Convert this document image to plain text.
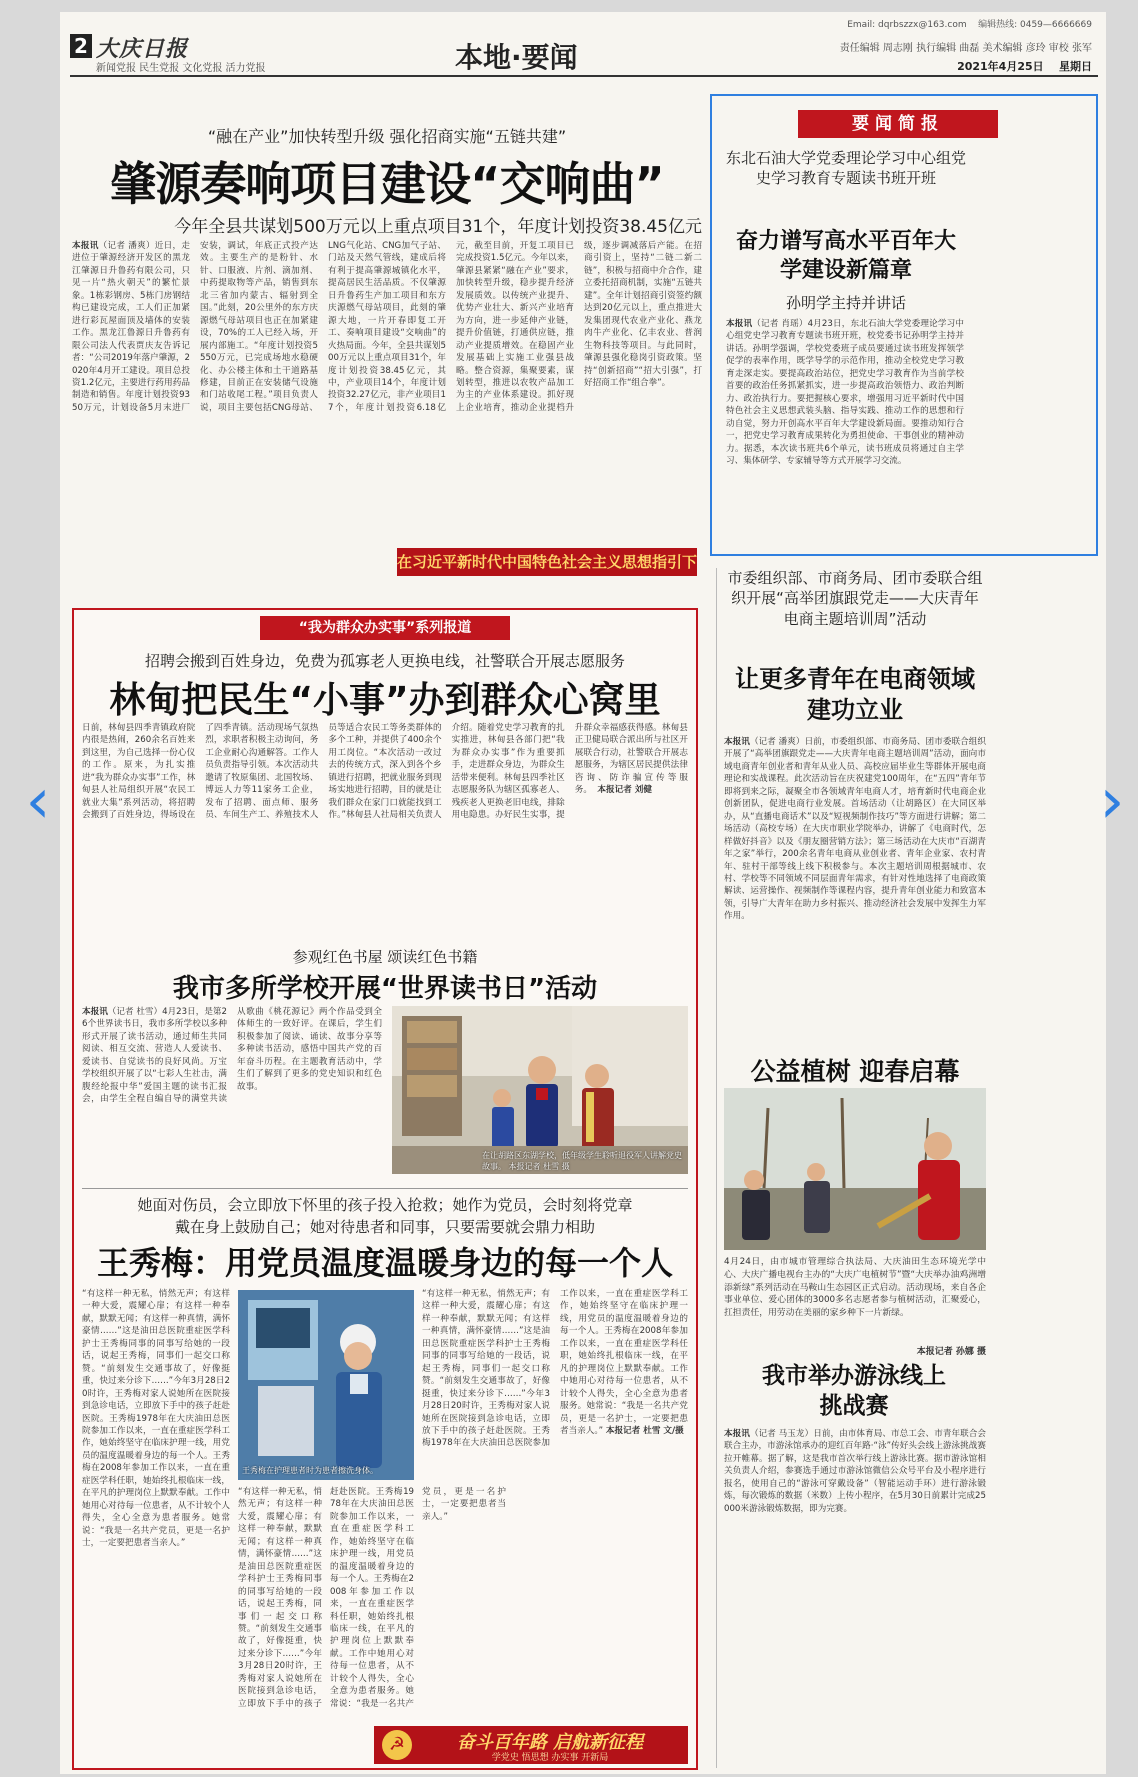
2 大庆日报
新闻党报 民生党报 文化党报 活力党报	本地·要闻
Email: dqrbszzx@163.com 编辑热线: 0459—6666669
责任编辑 周志刚 执行编辑 曲磊 美术编辑 彦玲 审校 张军
2021年4月25日 星期日
“融在产业”加快转型升级 强化招商实施“五链共建”
肇源奏响项目建设“交响曲”
今年全县共谋划500万元以上重点项目31个，年度计划投资38.45亿元
本报讯（记者 潘爽）近日，走进位于肇源经济开发区的黑龙江肇源日升鲁药有限公司，只见一片“热火朝天”的繁忙景象。1栋彩钢房、5栋门房钢结构已建设完成，工人们正加紧进行彩瓦屋面顶及墙体的安装工作。黑龙江鲁源日升鲁药有限公司法人代表贾庆友告诉记者：“公司2019年落户肇源，2020年4月开工建设。项目总投资1.2亿元，主要进行药用药品制造和销售。年度计划投资9350万元，计划设备5月末进厂安装，调试，年底正式投产达效。主要生产的是粉针、水针、口服液、片剂、滴加剂、中药提取物等产品，销售到东北三省加内蒙古、辐射到全国。”此刻，20公里外的东方庆源燃气母站项目也正在加紧建设，70%的工人已经入场，开展内部施工。“年度计划投资5550万元，已完成场地水稳硬化、办公楼主体和土干道路基修建，目前正在安装储气设施和门站收尾工程。”项目负责人说，项目主要包括CNG母站、LNG气化站、CNG加气子站、门站及天然气管线，建成后将有利于提高肇源城镇化水平，提高居民生活品质。不仅肇源日升鲁药生产加工项目和东方庆源燃气母站项目，此刻的肇源大地，一片开春即复工开工、奏响项目建设“交响曲”的火热局面。今年，全县共谋划500万元以上重点项目31个，年度计划投资38.45亿元，其中，产业项目14个，年度计划投资32.27亿元，非产业项目17个，年度计划投资6.18亿元，截至目前，开复工项目已完成投资1.5亿元。今年以来，肇源县紧紧“融在产业”要求，加快转型升级，稳步提升经济发展质效。以传统产业提升、优势产业壮大、新兴产业培育为方向，进一步延伸产业链，提升价值链，打通供应链，推动产业提质增效。在稳固产业发展基础上实施工业强县战略。整合资源，集聚要素，谋划转型，推进以农牧产品加工为主的产业体系建设。抓好现上企业培育，推动企业提档升级，逐步调减落后产能。在招商引资上，坚持“二链二新二链”，积极与招商中介合作，建立委托招商机制，实施“五链共建”。全年计划招商引资签约额达到20亿元以上，重点推进大发集团现代农业产业化、燕龙肉牛产业化、亿丰农业、普润生物科技等项目。与此同时，肇源县强化稳岗引资政策。坚持“创新招商”“招大引强”，打好招商工作“组合拳”。
在习近平新时代中国特色社会主义思想指引下
要闻简报
东北石油大学党委理论学习中心组党史学习教育专题读书班开班
奋力谱写高水平百年大学建设新篇章
孙明学主持并讲话
本报讯（记者 肖瑶）4月23日，东北石油大学党委理论学习中心组党史学习教育专题读书班开班，校党委书记孙明学主持并讲话。孙明学强调，学校党委班子成员要通过读书班发挥领学促学的表率作用，既学导学的示范作用，推动全校党史学习教育走深走实。要提高政治站位，把党史学习教育作为当前学校首要的政治任务抓紧抓实，进一步提高政治领悟力、政治判断力、政治执行力。要把握核心要求，增强用习近平新时代中国特色社会主义思想武装头脑、指导实践、推动工作的思想和行动自觉，努力开创高水平百年大学建设新局面。要推动知行合一，把党史学习教育成果转化为勇担使命、干事创业的精神动力。据悉，本次读书班共6个单元，读书班成员将通过自主学习、集体研学、专家辅导等方式开展学习交流。
“我为群众办实事”系列报道
招聘会搬到百姓身边，免费为孤寡老人更换电线，社警联合开展志愿服务
林甸把民生“小事”办到群众心窝里
日前，林甸县四季青镇政府院内很是热闹，260余名百姓来到这里，为自己选择一份心仪的工作。原来，为扎实推进“我为群众办实事”工作，林甸县人社局组织开展“农民工就业大集”系列活动，将招聘会搬到了百姓身边，得场设在了四季青镇。活动现场气氛热烈，求职者积极主动询问，务工企业耐心沟通解答。工作人员负责指导引领。本次活动共邀请了牧原集团、北国牧场、博远人力等11家务工企业，发布了招聘、面点师、服务员、车间生产工、养殖技术人员等适合农民工等务类群体的多个工种，并提供了400余个用工岗位。“本次活动一改过去的传统方式，深入到各个乡镇进行招聘，把就业服务到现场实地进行招聘，目的就是让我们群众在家门口就能找到工作。”林甸县人社局相关负责人介绍。随着党史学习教育的扎实推进，林甸县各部门把“我为群众办实事”作为重要抓手，走进群众身边，为群众生活带来便利。林甸县四季社区志愿服务队为辖区孤寡老人、残疾老人更换老旧电线，排除用电隐患。办好民生实事，提升群众幸福感获得感。林甸县正卫健局联合派出所与社区开展联合行动，社警联合开展志愿服务，为辖区居民提供法律咨询、防诈骗宣传等服务。 本报记者 刘健
参观红色书屋 颂读红色书籍
我市多所学校开展“世界读书日”活动
本报讯（记者 杜雪）4月23日，是第26个世界读书日，我市多所学校以多种形式开展了读书活动，通过师生共同阅读、相互交流、营造人人爱读书、爱读书、自觉读书的良好风尚。万宝学校组织开展了以“七彩人生社击，满腹经纶报中华”爱国主题的读书汇报会，由学生全程自编自导的满堂共读从歌曲《桃花源记》两个作品受到全体师生的一致好评。在课后，学生们积极参加了阅读、诵读、故事分享等多种读书活动，感悟中国共产党的百年奋斗历程。在主题教育活动中，学生们了解到了更多的党史知识和红色故事。
在让胡路区东湖学校，低年级学生聆听退役军人讲解党史故事。 本报记者 杜雪 摄
她面对伤员，会立即放下怀里的孩子投入抢救；她作为党员，会时刻将党章
戴在身上鼓励自己；她对待患者和同事，只要需要就会鼎力相助
王秀梅：用党员温度温暖身边的每一个人
“有这样一种无私，悄然无声；有这样一种大爱，震耀心扉；有这样一种奉献，默默无闻；有这样一种真情，满怀豪情……”这是油田总医院重症医学科护士王秀梅同事的同事写给她的一段话，说起王秀梅，同事们一起交口称赞。“前刻发生交通事故了，好像挺重，快过来分诊下……”今年3月28日20时许，王秀梅对家人说她所在医院接到急诊电话，立即放下手中的孩子赶赴医院。王秀梅1978年在大庆油田总医院参加工作以来，一直在重症医学科工作，她始终坚守在临床护理一线，用党员的温度温暖着身边的每一个人。王秀梅在2008年参加工作以来，一直在重症医学科任职，她始终扎根临床一线，在平凡的护理岗位上默默奉献。工作中她用心对待每一位患者，从不计较个人得失，全心全意为患者服务。她常说：“我是一名共产党员，更是一名护士，一定要把患者当亲人。”
王秀梅在护理患者时为患者擦洗身体。
“有这样一种无私，悄然无声；有这样一种大爱，震耀心扉；有这样一种奉献，默默无闻；有这样一种真情，满怀豪情……”这是油田总医院重症医学科护士王秀梅同事的同事写给她的一段话，说起王秀梅，同事们一起交口称赞。“前刻发生交通事故了，好像挺重，快过来分诊下……”今年3月28日20时许，王秀梅对家人说她所在医院接到急诊电话，立即放下手中的孩子赶赴医院。王秀梅1978年在大庆油田总医院参加工作以来，一直在重症医学科工作，她始终坚守在临床护理一线，用党员的温度温暖着身边的每一个人。王秀梅在2008年参加工作以来，一直在重症医学科任职，她始终扎根临床一线，在平凡的护理岗位上默默奉献。工作中她用心对待每一位患者，从不计较个人得失，全心全意为患者服务。她常说：“我是一名共产党员，更是一名护士，一定要把患者当亲人。” 本报记者 杜雪 文/摄
“有这样一种无私，悄然无声；有这样一种大爱，震耀心扉；有这样一种奉献，默默无闻；有这样一种真情，满怀豪情……”这是油田总医院重症医学科护士王秀梅同事的同事写给她的一段话，说起王秀梅，同事们一起交口称赞。“前刻发生交通事故了，好像挺重，快过来分诊下……”今年3月28日20时许，王秀梅对家人说她所在医院接到急诊电话，立即放下手中的孩子赶赴医院。王秀梅1978年在大庆油田总医院参加工作以来，一直在重症医学科工作，她始终坚守在临床护理一线，用党员的温度温暖着身边的每一个人。王秀梅在2008年参加工作以来，一直在重症医学科任职，她始终扎根临床一线，在平凡的护理岗位上默默奉献。工作中她用心对待每一位患者，从不计较个人得失，全心全意为患者服务。她常说：“我是一名共产党员，更是一名护士，一定要把患者当亲人。”
☭	奋斗百年路 启航新征程
学党史 悟思想 办实事 开新局
市委组织部、市商务局、团市委联合组织开展“高举团旗跟党走——大庆青年电商主题培训周”活动
让更多青年在电商领域建功立业
本报讯（记者 潘爽）日前，市委组织部、市商务局、团市委联合组织开展了“高举团旗跟党走——大庆青年电商主题培训周”活动，面向市域电商青年创业者和青年从业人员、高校应届毕业生等群体开展电商理论和实战课程。此次活动旨在庆祝建党100周年，在“五四”青年节即将到来之际，凝聚全市各领域青年电商人才，培育新时代电商企业创新团队，促进电商行业发展。首场活动（让胡路区）在大同区举办，从“直播电商话术”以及“短视频制作技巧”等方面进行讲解；第二场活动（高校专场）在大庆市职业学院举办，讲解了《电商时代，怎样做好抖音》以及《朋友圈营销方法》；第三场活动在大庆市“百湖青年之家”举行，200余名青年电商从业创业者、青年企业家、农村青年、驻村干部等线上线下积极参与。本次主题培训周根据城市、农村、学校等不同领域不同层面青年需求，有针对性地选择了电商政策解读、运营操作、视频制作等课程内容，提升青年创业能力和致富本领，引导广大青年在助力乡村振兴、推动经济社会发展中发挥生力军作用。
公益植树 迎春启幕
4月24日，由市城市管理综合执法局、大庆油田生态环境光学中心、大庆广播电视台主办的“大庆广电植树节”暨“大庆举办油鸡洲增添新绿”系列活动在马鞍山生态园区正式启动。活动现场，来自各企事业单位、爱心团体的3000多名志愿者参与植树活动，汇聚爱心，扛担责任，用劳动在美丽的家乡种下一片新绿。
本报记者 孙娜 摄
我市举办游泳线上挑战赛
本报讯（记者 马玉龙）日前，由市体育局、市总工会、市青年联合会联合主办，市游泳馆承办的迎红百年路·“泳”传好头会线上游泳挑战赛拉开帷幕。据了解，这是我市首次举行线上游泳比赛。据市游泳馆相关负责人介绍，参赛选手通过市游泳馆微信公众号平台及小程序进行报名，使用自己的“游泳可穿戴设备”（智能运动手环）进行游泳锻炼，每次锻炼的数据（米数）上传小程序，在5月30日前累计完成25000米游泳锻炼数据，即为完赛。
‹	›
